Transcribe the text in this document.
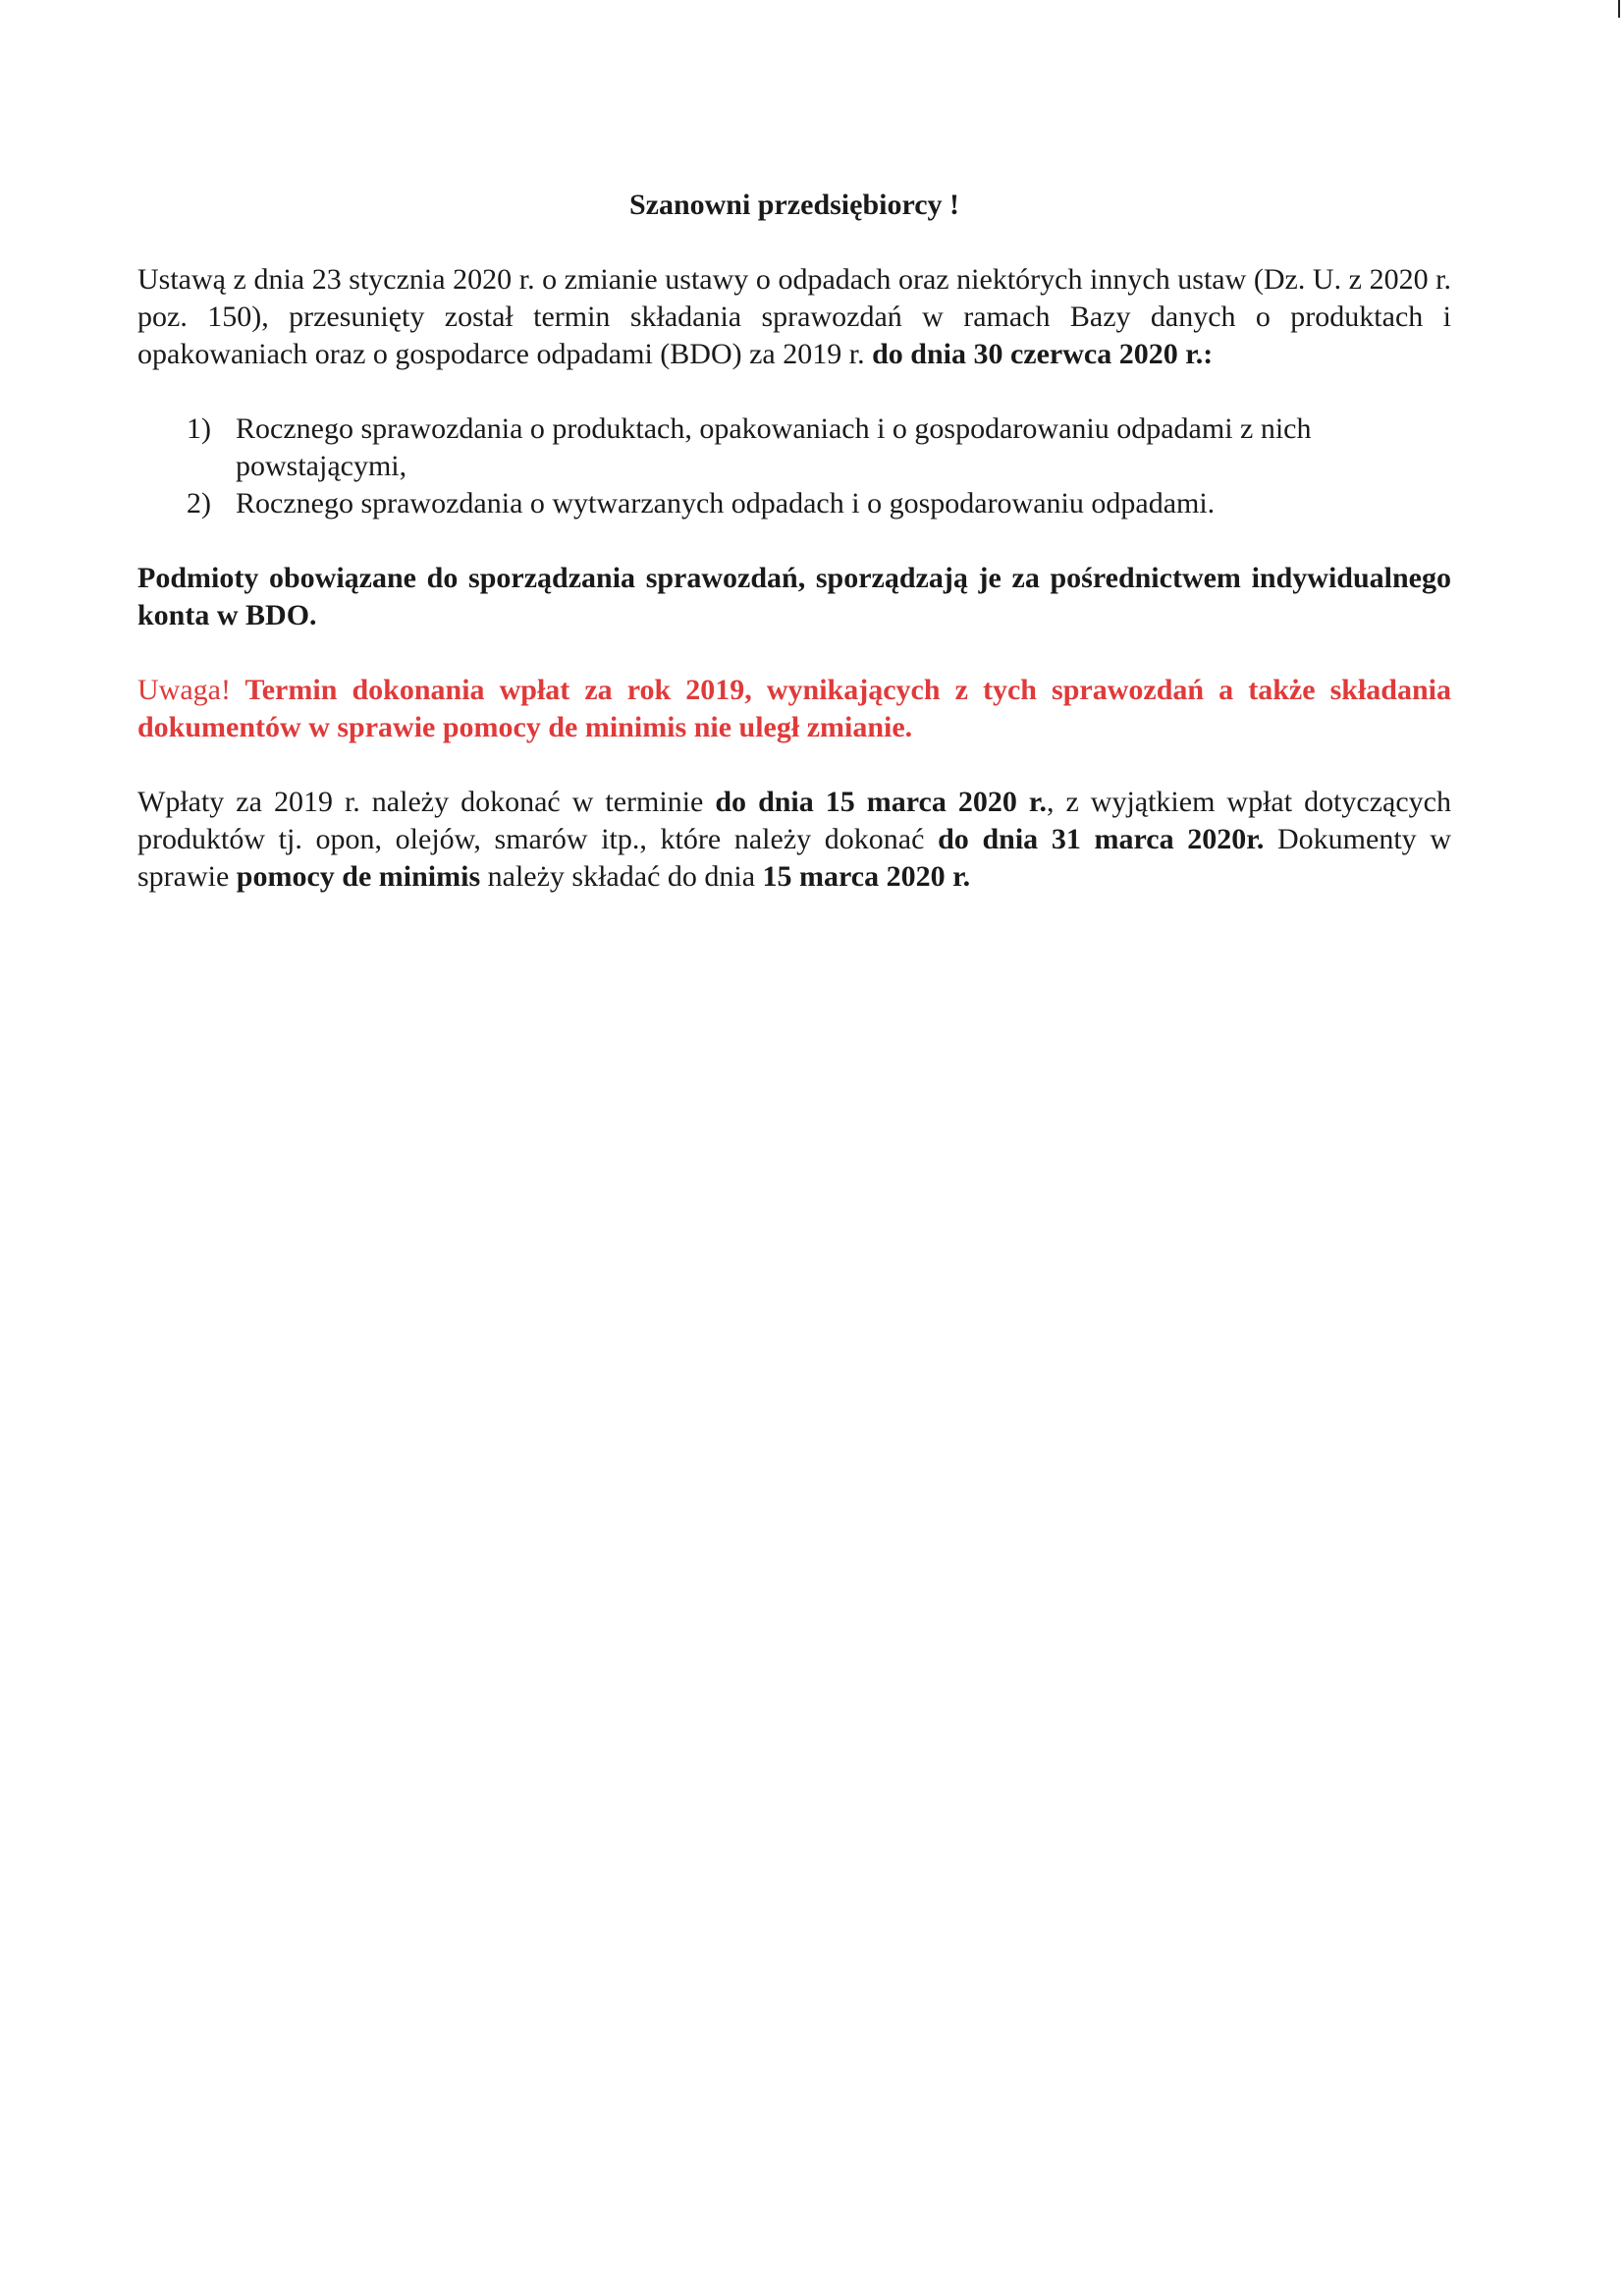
Szanowni przedsiębiorcy !

Ustawą z dnia 23 stycznia 2020 r. o zmianie ustawy o odpadach oraz niektórych innych ustaw (Dz. U. z 2020 r. poz. 150), przesunięty został termin składania sprawozdań w ramach Bazy danych o produktach i opakowaniach oraz o gospodarce odpadami (BDO) za 2019 r. do dnia 30 czerwca 2020 r.:

1) Rocznego sprawozdania o produktach, opakowaniach i o gospodarowaniu odpadami z nich powstającymi,
2) Rocznego sprawozdania o wytwarzanych odpadach i o gospodarowaniu odpadami.

Podmioty obowiązane do sporządzania sprawozdań, sporządzają je za pośrednictwem indywidualnego konta w BDO.

Uwaga! Termin dokonania wpłat za rok 2019, wynikających z tych sprawozdań a także składania dokumentów w sprawie pomocy de minimis nie uległ zmianie.

Wpłaty za 2019 r. należy dokonać w terminie do dnia 15 marca 2020 r., z wyjątkiem wpłat dotyczących produktów tj. opon, olejów, smarów itp., które należy dokonać do dnia 31 marca 2020r. Dokumenty w sprawie pomocy de minimis należy składać do dnia 15 marca 2020 r.
